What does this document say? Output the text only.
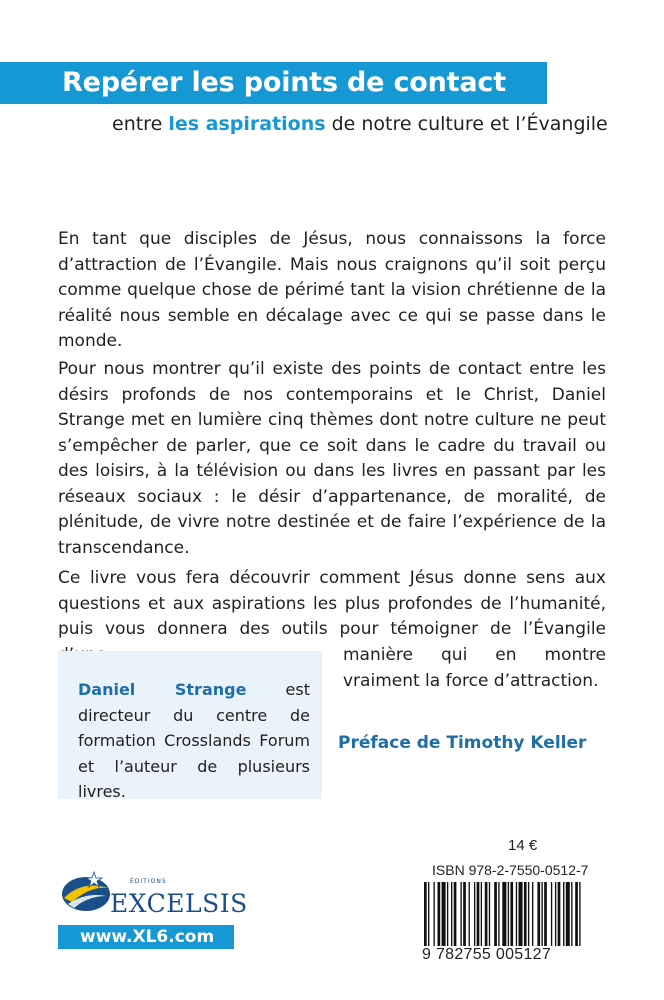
Repérer les points de contact
entre les aspirations de notre culture et l’Évangile

En tant que disciples de Jésus, nous connaissons la force d’attraction de l’Évangile. Mais nous craignons qu’il soit perçu comme quelque chose de périmé tant la vision chrétienne de la réalité nous semble en décalage avec ce qui se passe dans le monde.

Pour nous montrer qu’il existe des points de contact entre les désirs profonds de nos contemporains et le Christ, Daniel Strange met en lumière cinq thèmes dont notre culture ne peut s’empêcher de parler, que ce soit dans le cadre du travail ou des loisirs, à la télévision ou dans les livres en passant par les réseaux sociaux : le désir d’appartenance, de moralité, de plénitude, de vivre notre destinée et de faire l’expérience de la transcendance.

Ce livre vous fera découvrir comment Jésus donne sens aux questions et aux aspirations les plus profondes de l’humanité, puis vous donnera des outils pour témoigner de l’Évangile

manière qui en montre vraiment la force d’attraction.

Daniel Strange est directeur du centre de formation Crosslands Forum et l’auteur de plusieurs livres.

Préface de Timothy Keller
ÉDITIONS
EXCELSIS
www.XL6.com
14 €
ISBN 978-2-7550-0512-7
9 782755 005127
